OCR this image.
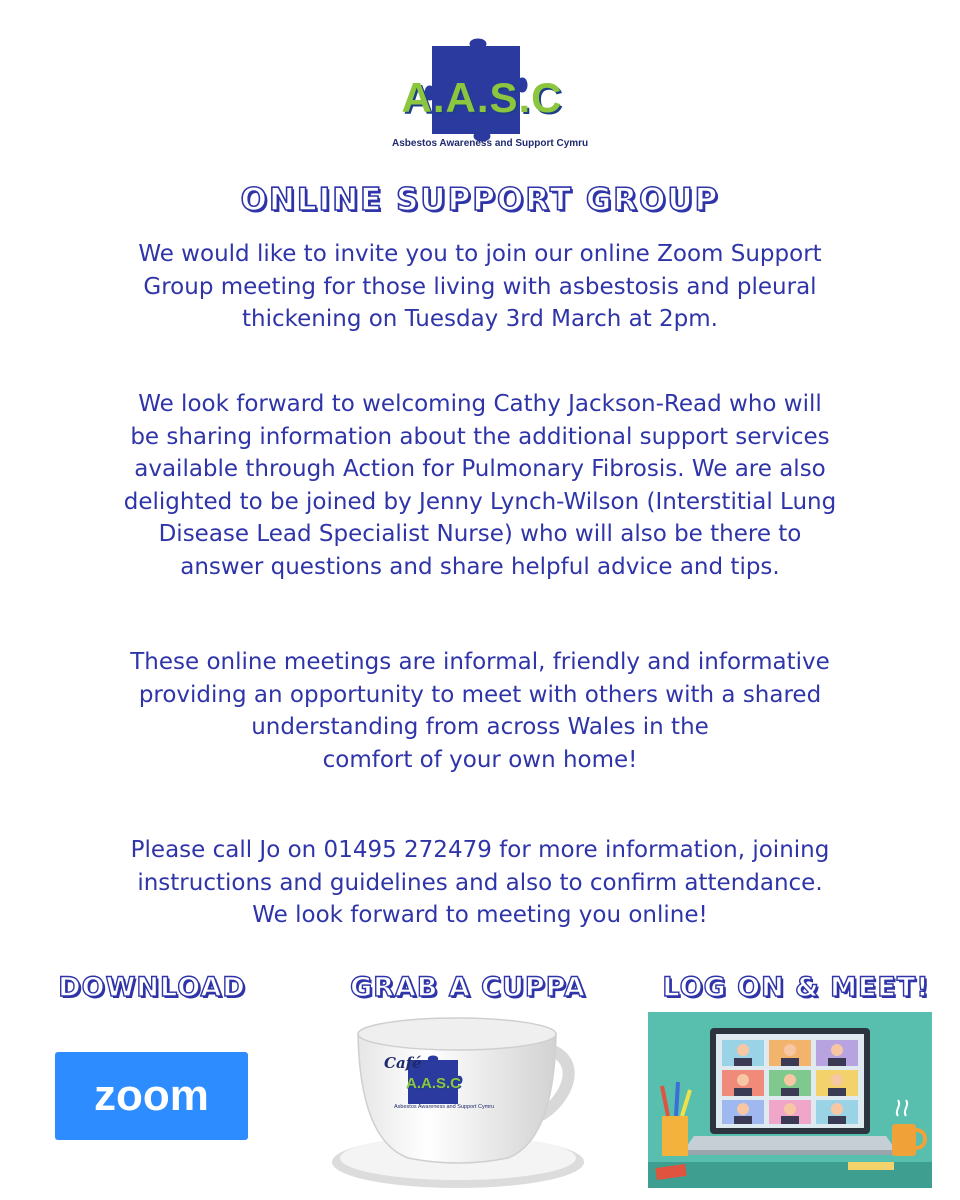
A.A.S.C
Asbestos Awareness and Support Cymru
ONLINE SUPPORT GROUP

We would like to invite you to join our online Zoom Support
Group meeting for those living with asbestosis and pleural
thickening on Tuesday 3rd March at 2pm.

We look forward to welcoming Cathy Jackson-Read who will
be sharing information about the additional support services
available through Action for Pulmonary Fibrosis. We are also
delighted to be joined by Jenny Lynch-Wilson (Interstitial Lung
Disease Lead Specialist Nurse) who will also be there to
answer questions and share helpful advice and tips.

These online meetings are informal, friendly and informative
providing an opportunity to meet with others with a shared
understanding from across Wales in the
comfort of your own home!

Please call Jo on 01495 272479 for more information, joining
instructions and guidelines and also to confirm attendance.
We look forward to meeting you online!

DOWNLOAD	GRAB A CUPPA	LOG ON & MEET!
zoom
Café
A.A.S.C
Asbestos Awareness and Support Cymru
